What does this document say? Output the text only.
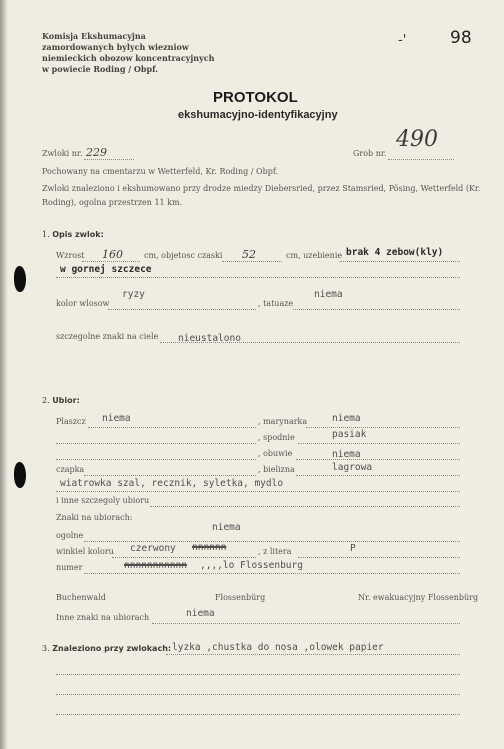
Komisja Ekshumacyjna
zamordowanych bylych wiezniow
niemieckich obozow koncentracyjnych
w powiecie Roding / Obpf.
-'	98
PROTOKOL
ekshumacyjno-identyfikacyjny
Zwloki nr. 229	Grob nr.
490
Pochowany na cmentarzu w Wetterfeld, Kr. Roding / Obpf.
Zwloki znaleziono i ekshumowano przy drodze miedzy Diebersried, przez Stamsried, Pösing, Wetterfeld (Kr.
Roding), ogolna przestrzen 11 km.
1. Opis zwlok:
Wzrost 160	cm, objetosc czaski 52	cm, uzebienie brak 4 zebow(kly)
w gornej szczece
kolor wlosow
ryzy
, tatuaze
niema
szczegolne znaki na ciele nieustalono
2. Ubior:
Plaszcz niema	, marynarka	niema
, spodnie	pasiak
, obuwie	niema
czapka	, bielizna	lagrowa
wiatrowka szal, recznik, syletka, mydlo
i inne szczegoly ubioru
Znaki na ubiorach:
niema
ogolne
winkiel koloru czerwony nnnnnn	, z litera	P
numer	nnnnnnnnnnn ,,,,lo Flossenburg
Buchenwald	Flossenbürg	Nr. ewakuacyjny Flossenbürg
Inne znaki na ubiorach	niema
3. Znaleziono przy zwlokach: lyzka ,chustka do nosa ,olowek papier
